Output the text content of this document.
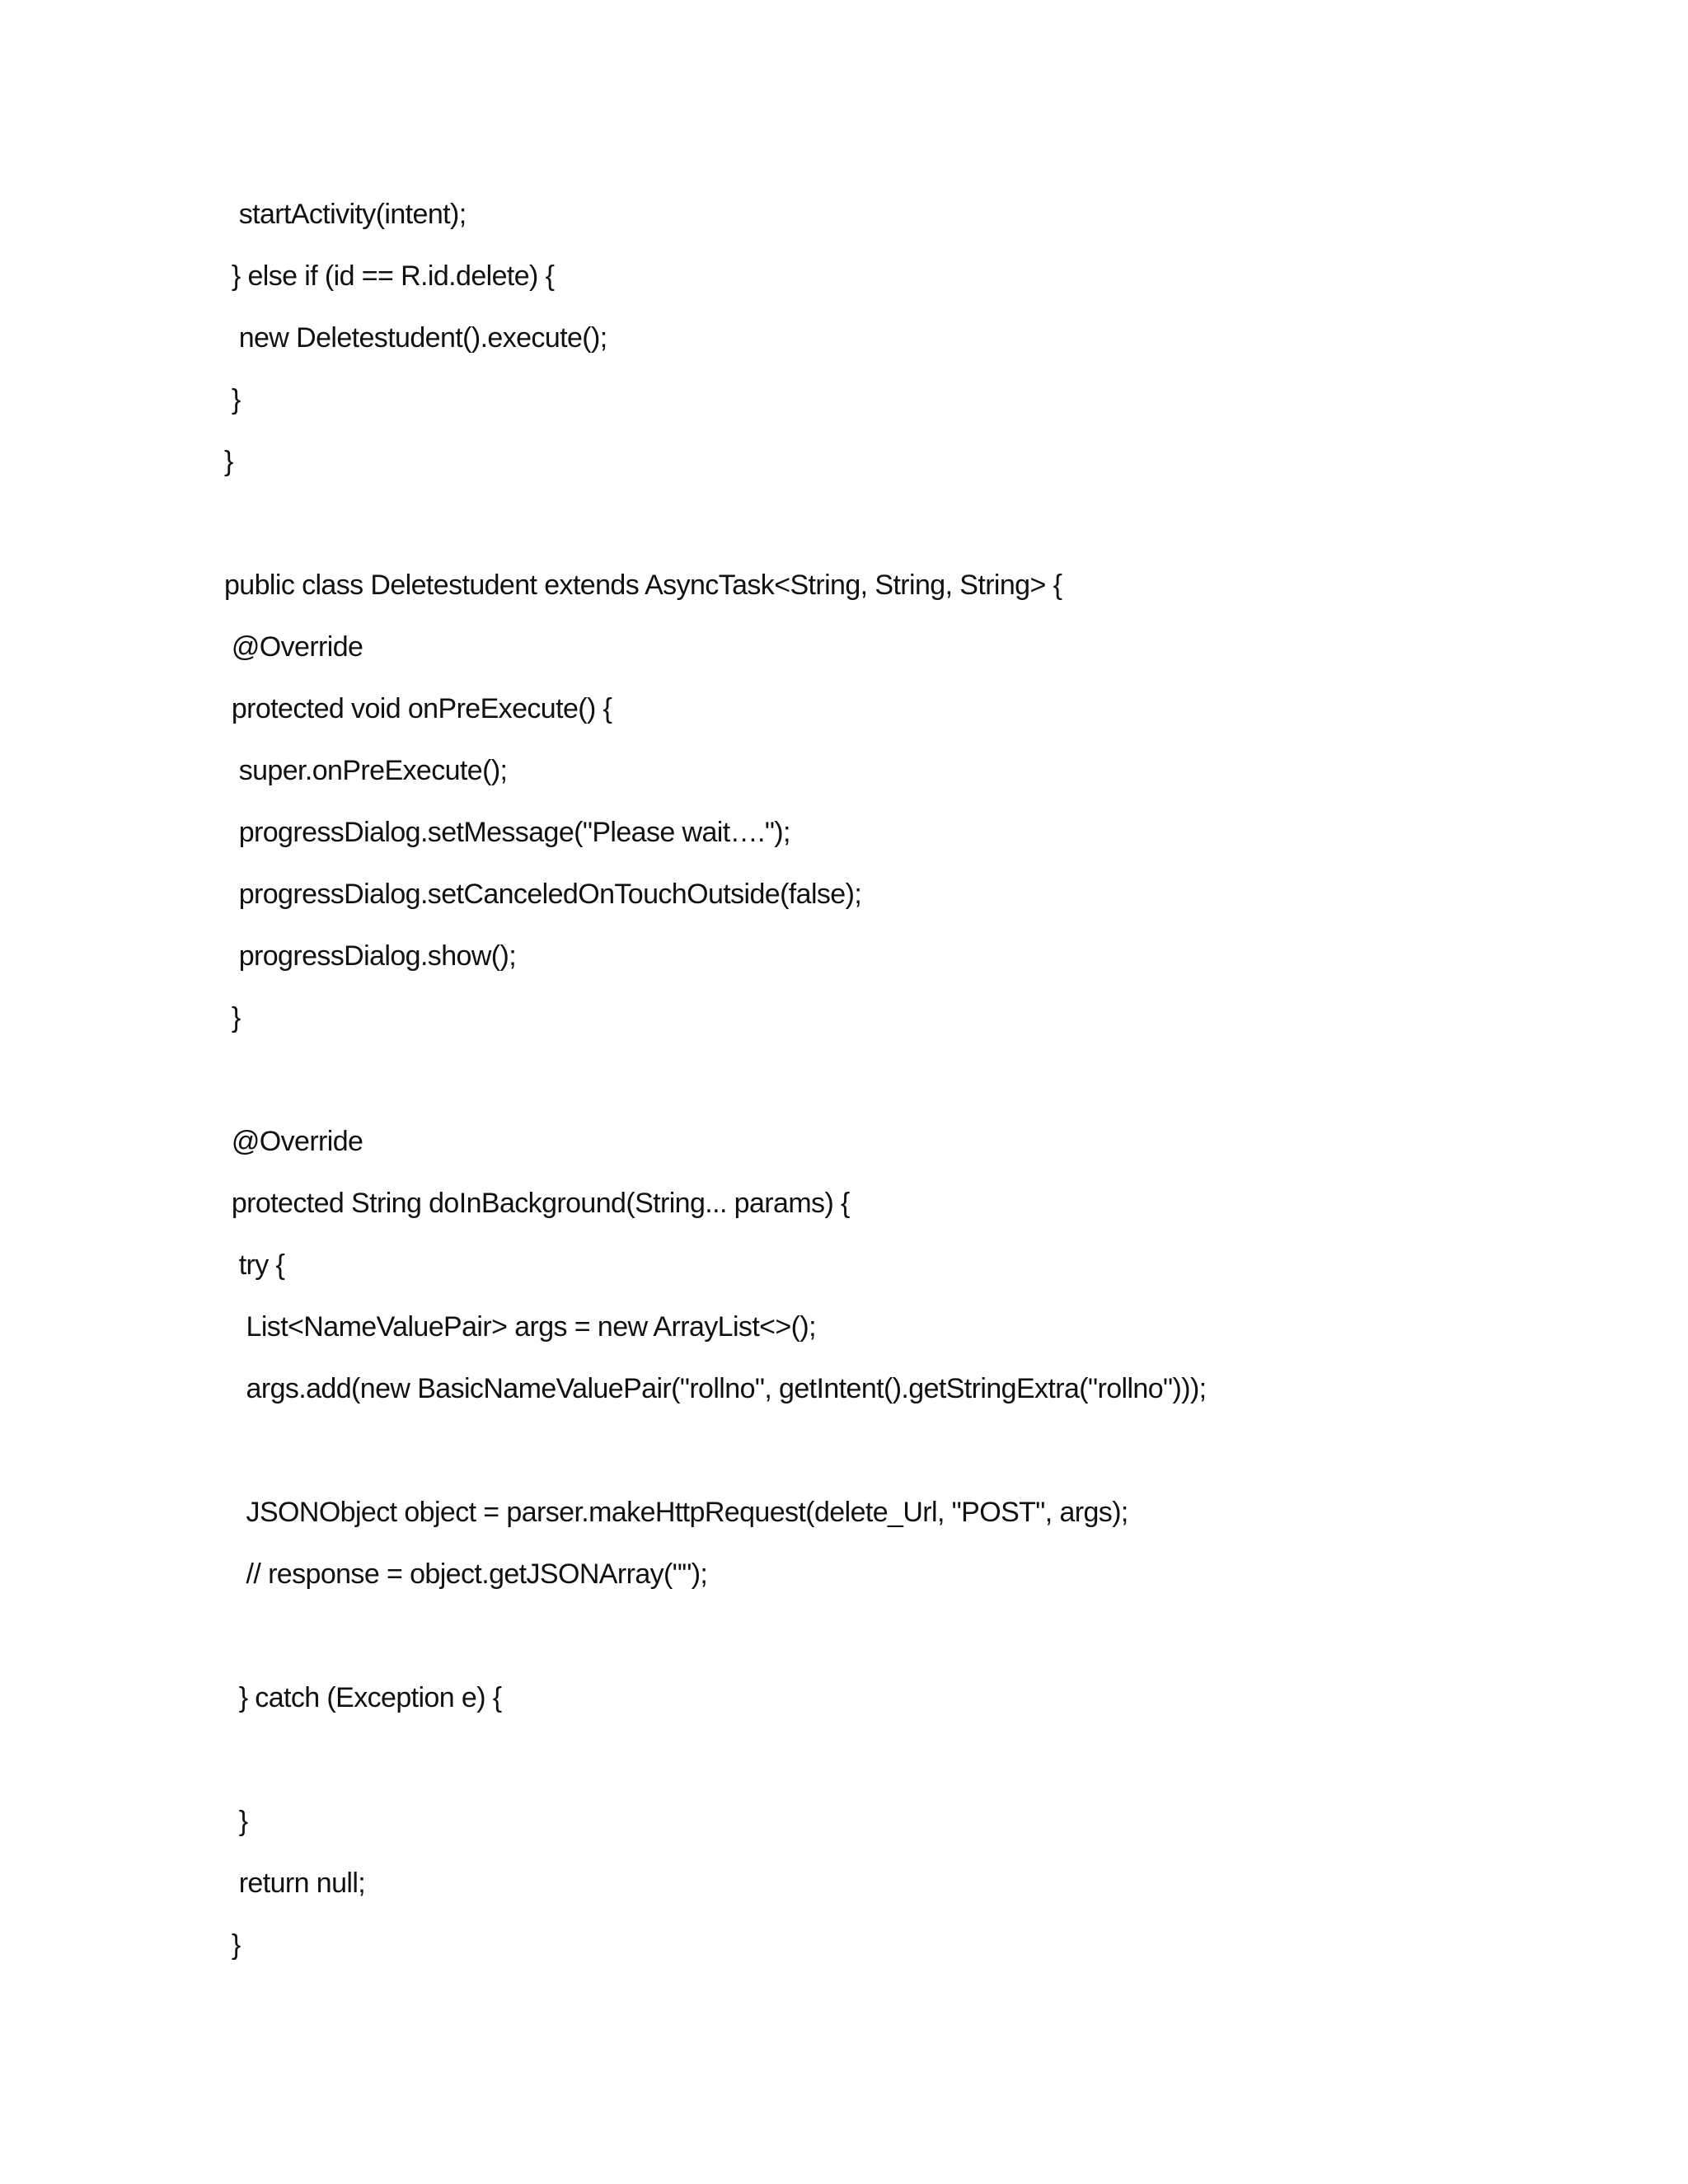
startActivity(intent);
} else if (id == R.id.delete) {
new Deletestudent().execute();
}
}
public class Deletestudent extends AsyncTask<String, String, String> {
@Override
protected void onPreExecute() {
super.onPreExecute();
progressDialog.setMessage("Please wait….");
progressDialog.setCanceledOnTouchOutside(false);
progressDialog.show();
}
@Override
protected String doInBackground(String... params) {
try {
List<NameValuePair> args = new ArrayList<>();
args.add(new BasicNameValuePair("rollno", getIntent().getStringExtra("rollno")));
JSONObject object = parser.makeHttpRequest(delete_Url, "POST", args);
// response = object.getJSONArray("");
} catch (Exception e) {
}
return null;
}
